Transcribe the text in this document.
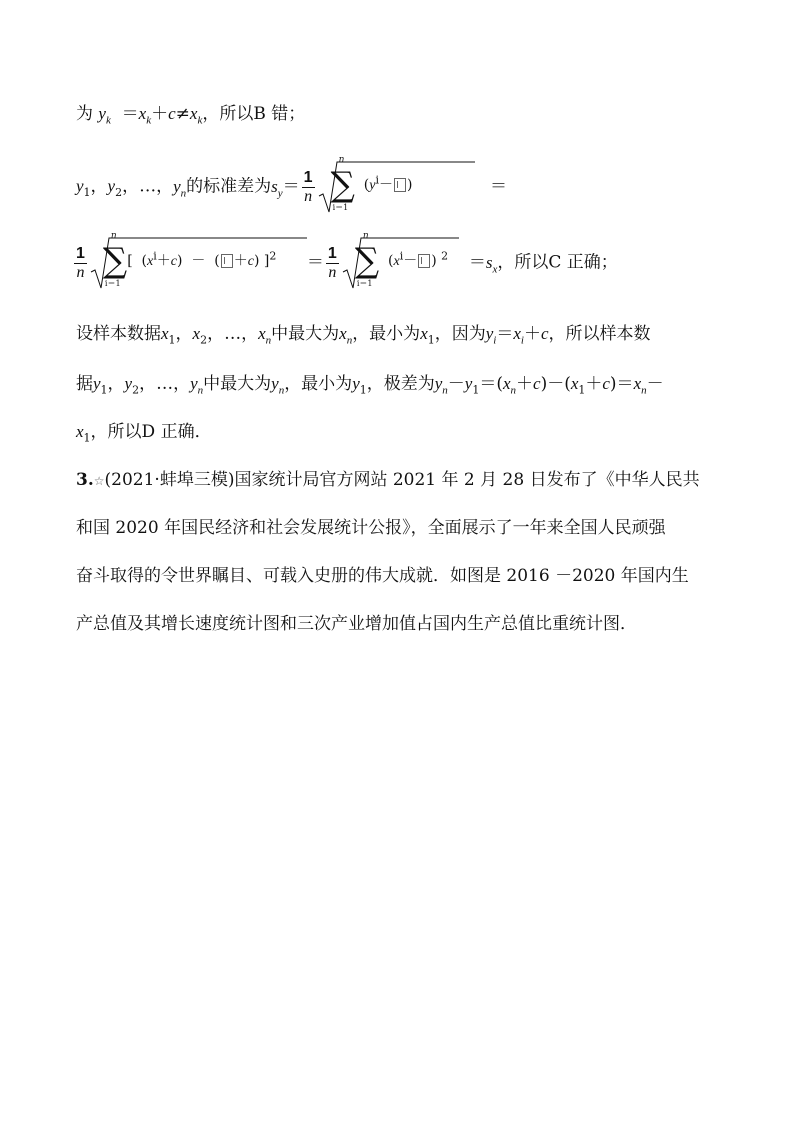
为 $y_k =x_k+c\ne x_k$，所以B 错；
$y_1$，$y_2$，…，$y_n$的标准差为$s_y= \frac{1}{n}$ ∑
n
i＝1
($y^i-$ )	＝
$\frac{1}{n}$ ∑
n
i＝1
[  $(x^i+c)$  －  ( ＋c) ]$^2 = \frac{1}{n}$ ∑
n
i＝1
($x^i-$ ) $^2 =s_x$，所以C 正确；
设样本数据$x_1$，$x_2$，…，$x_n$中最大为$x_n$，最小为$x_1$，因为$y_i=x_i+c$，所以样本数
据$y_1$，$y_2$，…，$y_n$中最大为$y_n$，最小为$y_1$，极差为$y_n-y_1=(x_n+c)-(x_1+c)=x_n-$
$x_1$，所以D 正确．
3.☆(2021·蚌埠三模)国家统计局官方网站 2021 年 2 月 28 日发布了《中华人民共
和国 2020 年国民经济和社会发展统计公报》，全面展示了一年来全国人民顽强
奋斗取得的令世界瞩目、可载入史册的伟大成就．如图是 2016 －2020 年国内生
产总值及其增长速度统计图和三次产业增加值占国内生产总值比重统计图．
